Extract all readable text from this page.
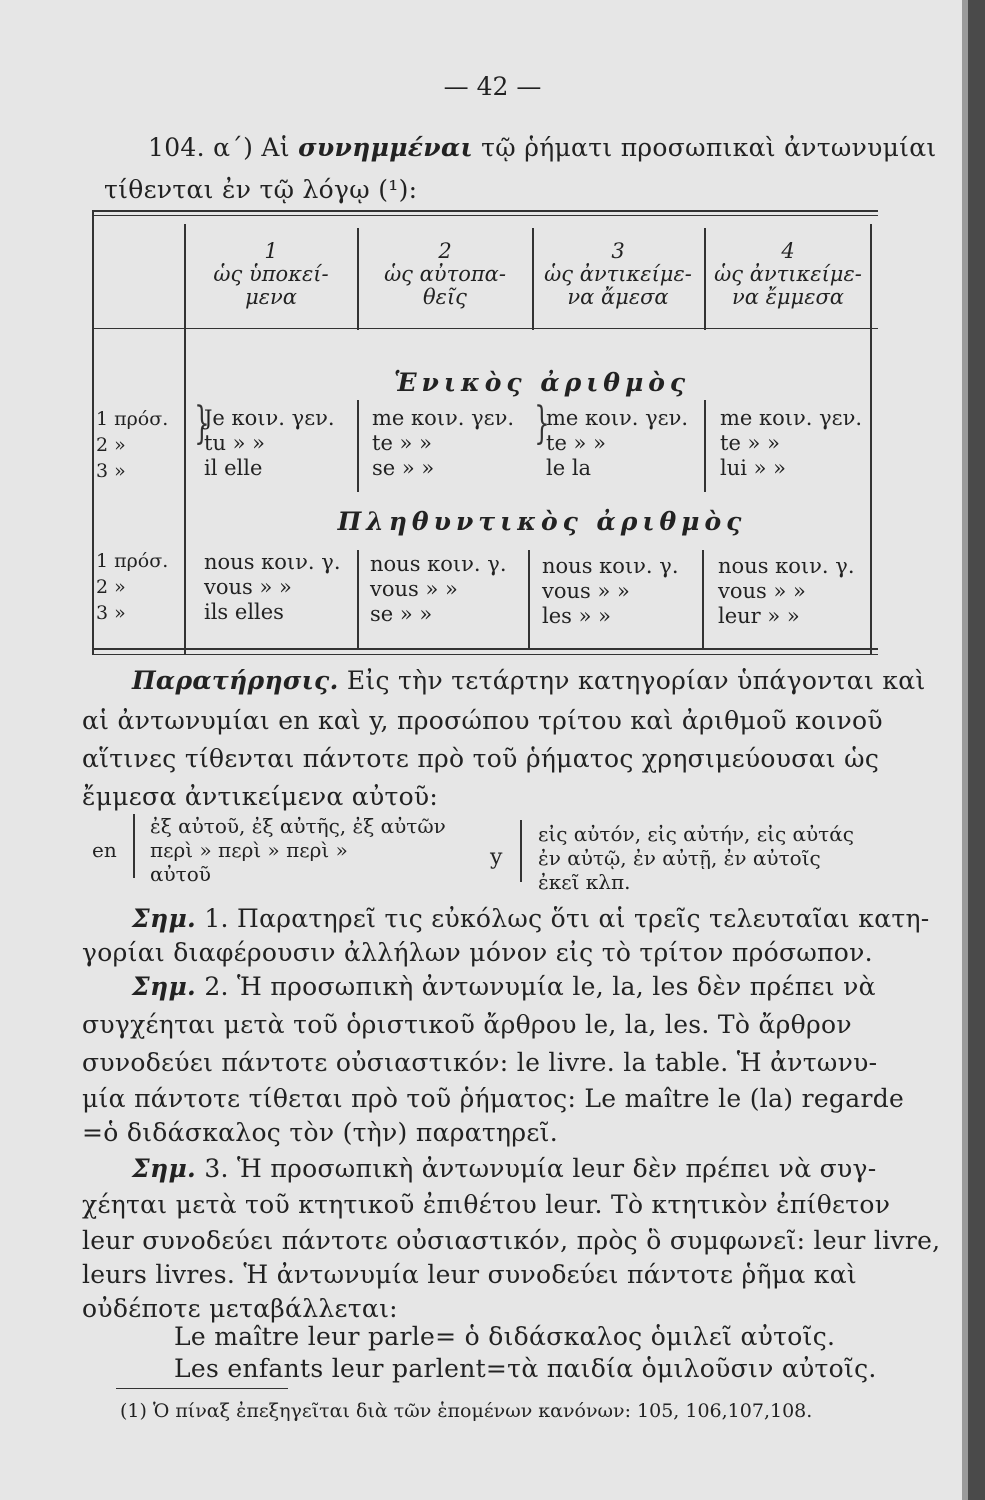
— 42 —
104. α΄) Αἱ συνημμέναι τῷ ῥήματι προσωπικαὶ ἀντωνυμίαι
τίθενται ἐν τῷ λόγῳ (¹):
1
ὡς ὑποκεί-
μενα
2
ὡς αὐτοπα-
θεῖς
3
ὡς ἀντικείμε-
να ἄμεσα
4
ὡς ἀντικείμε-
να ἔμμεσα
Ἑνικὸς ἀριθμὸς
1 πρόσ.
2 »
3 »
}
Je κοιν. γεν.
tu » »
il elle
me κοιν. γεν.
te » »
se » »
}
me κοιν. γεν.
te » »
le la
me κοιν. γεν.
te » »
lui » »
Πληθυντικὸς ἀριθμὸς
1 πρόσ.
2 »
3 »
nous κοιν. γ.
vous » »
ils elles
nous κοιν. γ.
vous » »
se » »
nous κοιν. γ.
vous » »
les » »
nous κοιν. γ.
vous » »
leur » »
Παρατήρησις. Εἰς τὴν τετάρτην κατηγορίαν ὑπάγονται καὶ
αἱ ἀντωνυμίαι en καὶ y, προσώπου τρίτου καὶ ἀριθμοῦ κοινοῦ
αἵτινες τίθενται πάντοτε πρὸ τοῦ ῥήματος χρησιμεύουσαι ὡς
ἔμμεσα ἀντικείμενα αὐτοῦ:
en
ἐξ αὐτοῦ, ἐξ αὐτῆς, ἐξ αὐτῶν
περὶ » περὶ » περὶ »
αὐτοῦ
y
εἰς αὐτόν, εἰς αὐτήν, εἰς αὐτάς
ἐν αὐτῷ, ἐν αὐτῇ, ἐν αὐτοῖς
ἐκεῖ κλπ.
Σημ. 1. Παρατηρεῖ τις εὐκόλως ὅτι αἱ τρεῖς τελευταῖαι κατη-
γορίαι διαφέρουσιν ἀλλήλων μόνον εἰς τὸ τρίτον πρόσωπον.
Σημ. 2. Ἡ προσωπικὴ ἀντωνυμία le, la, les δὲν πρέπει νὰ
συγχέηται μετὰ τοῦ ὁριστικοῦ ἄρθρου le, la, les. Τὸ ἄρθρον
συνοδεύει πάντοτε οὐσιαστικόν: le livre. la table. Ἡ ἀντωνυ-
μία πάντοτε τίθεται πρὸ τοῦ ῥήματος: Le maître le (la) regarde
=ὁ διδάσκαλος τὸν (τὴν) παρατηρεῖ.
Σημ. 3. Ἡ προσωπικὴ ἀντωνυμία leur δὲν πρέπει νὰ συγ-
χέηται μετὰ τοῦ κτητικοῦ ἐπιθέτου leur. Τὸ κτητικὸν ἐπίθετον
leur συνοδεύει πάντοτε οὐσιαστικόν, πρὸς ὃ συμφωνεῖ: leur livre,
leurs livres. Ἡ ἀντωνυμία leur συνοδεύει πάντοτε ῥῆμα καὶ
οὐδέποτε μεταβάλλεται:
Le maître leur parle= ὁ διδάσκαλος ὁμιλεῖ αὐτοῖς.
Les enfants leur parlent=τὰ παιδία ὁμιλοῦσιν αὐτοῖς.
(1) Ὁ πίναξ ἐπεξηγεῖται διὰ τῶν ἑπομένων κανόνων: 105, 106,107,108.
